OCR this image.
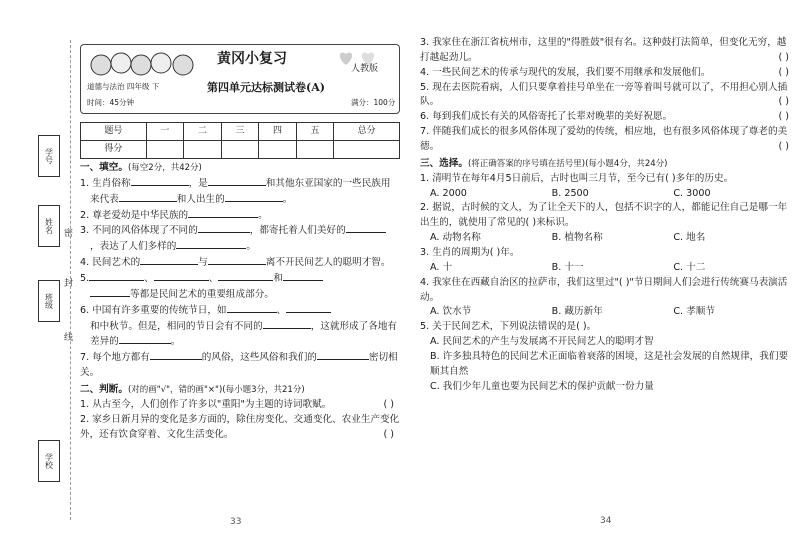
学号
姓名
班级
学校
密
封
线
黄冈小复习
道德与法治 四年级 下	第四单元达标测试卷(A)
人教版
时间：45分钟	满分：100分
题号	一	二	三	四	五	总分
得分						
一、填空。(每空2分，共42分)

1. 生肖俗称	，是	和其他东亚国家的一些民族用

来代表	和人出生的	。

2. 尊老爱幼是中华民族的	。

3. 不同的风俗体现了不同的	，都寄托着人们美好的

，表达了人们多样的	。

4. 民间艺术的	与	离不开民间艺人的聪明才智。

5.	、	、	和

等都是民间艺术的重要组成部分。

6. 中国有许多重要的传统节日，如	、

和中秋节。但是，相同的节日会有不同的	，这就形成了各地有差异的	。

7. 每个地方都有	的风俗，这些风俗和我们的	密切相关。

二、判断。(对的画"√"，错的画"×")(每小题3分，共21分)

1. 从古至今，人们创作了许多以"重阳"为主题的诗词歌赋。	( )

2. 家乡日新月异的变化是多方面的，除住房变化、交通变化、农业生产变化外，还有饮食穿着、文化生活变化。	( )

33

3. 我家住在浙江省杭州市，这里的"得胜鼓"很有名。这种鼓打法简单，但变化无穷，越打越起劲儿。	( )

4. 一些民间艺术的传承与现代的发展，我们要不用继承和发展他们。	( )

5. 现在去医院看病，人们只要拿着挂号单坐在一旁等着叫号就可以了，不用担心别人插队。	( )

6. 每到我们成长有关的风俗寄托了长辈对晚辈的美好祝愿。	( )

7. 伴随我们成长的很多风俗体现了爱幼的传统，相应地，也有很多风俗体现了尊老的美德。	( )

三、选择。(将正确答案的序号填在括号里)(每小题4分，共24分)

1. 清明节在每年4月5日前后，古时也叫三月节，至今已有( )多年的历史。

A. 2000	B. 2500	C. 3000

2. 据说，古时候的文人，为了让全天下的人，包括不识字的人，都能记住自己是哪一年出生的，就使用了常见的( )来标识。

A. 动物名称	B. 植物名称	C. 地名

3. 生肖的周期为( )年。

A. 十	B. 十一	C. 十二

4. 我家住在西藏自治区的拉萨市，我们这里过"( )"节日期间人们会进行传统赛马表演活动。

A. 饮水节	B. 藏历新年	C. 孝顺节

5. 关于民间艺术，下列说法错误的是( )。

A. 民间艺术的产生与发展离不开民间艺人的聪明才智

B. 许多独具特色的民间艺术正面临着衰落的困境，这是社会发展的自然规律，我们要顺其自然

C. 我们少年儿童也要为民间艺术的保护贡献一份力量

34
